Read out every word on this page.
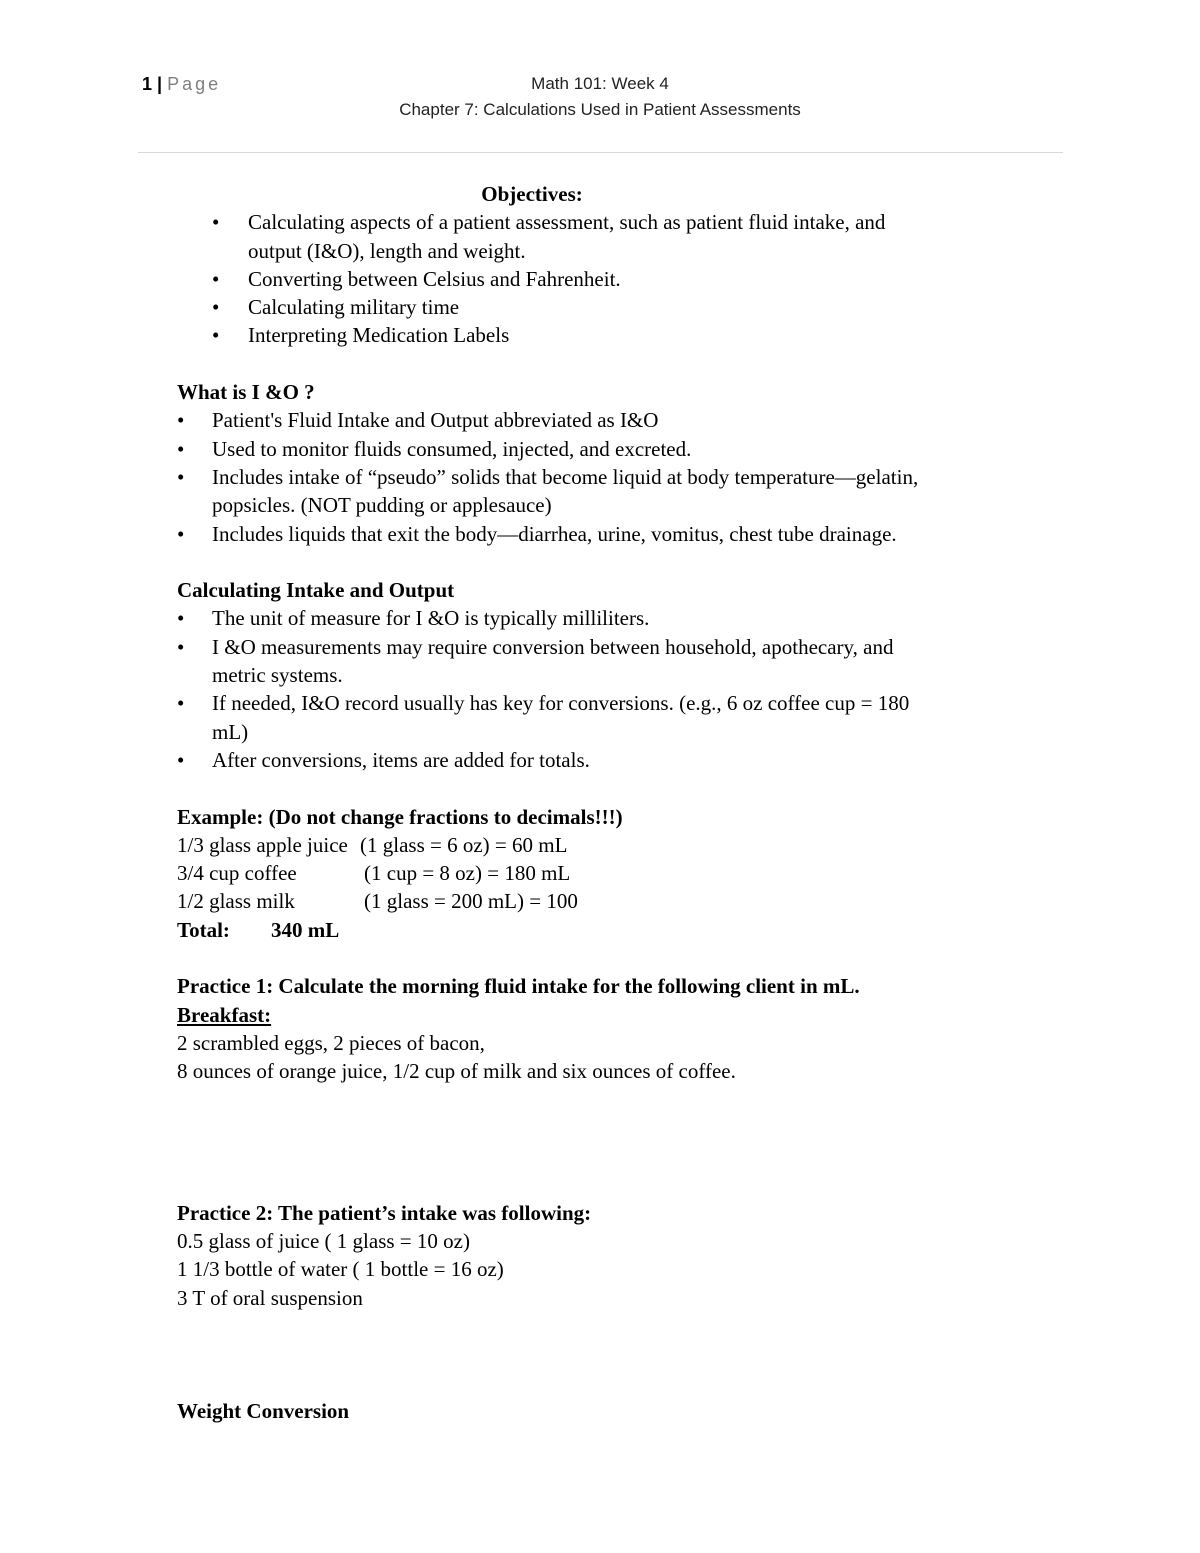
1 | Page	Math 101: Week 4
Chapter 7: Calculations Used in Patient Assessments
Objectives:
• Calculating aspects of a patient assessment, such as patient fluid intake, and
output (I&O), length and weight.
• Converting between Celsius and Fahrenheit.
• Calculating military time
• Interpreting Medication Labels
What is I &O ?
• Patient's Fluid Intake and Output abbreviated as I&O
• Used to monitor fluids consumed, injected, and excreted.
• Includes intake of “pseudo” solids that become liquid at body temperature—gelatin,
popsicles. (NOT pudding or applesauce)
• Includes liquids that exit the body—diarrhea, urine, vomitus, chest tube drainage.
Calculating Intake and Output
• The unit of measure for I &O is typically milliliters.
• I &O measurements may require conversion between household, apothecary, and
metric systems.
• If needed, I&O record usually has key for conversions. (e.g., 6 oz coffee cup = 180
mL)
• After conversions, items are added for totals.
Example: (Do not change fractions to decimals!!!)
1/3 glass apple juice (1 glass = 6 oz) = 60 mL
3/4 cup coffee	(1 cup = 8 oz) = 180 mL
1/2 glass milk	(1 glass = 200 mL) = 100
Total: 340 mL
Practice 1: Calculate the morning fluid intake for the following client in mL.
Breakfast:
2 scrambled eggs, 2 pieces of bacon,
8 ounces of orange juice, 1/2 cup of milk and six ounces of coffee.
Practice 2: The patient’s intake was following:
0.5 glass of juice ( 1 glass = 10 oz)
1 1/3 bottle of water ( 1 bottle = 16 oz)
3 T of oral suspension
Weight Conversion
